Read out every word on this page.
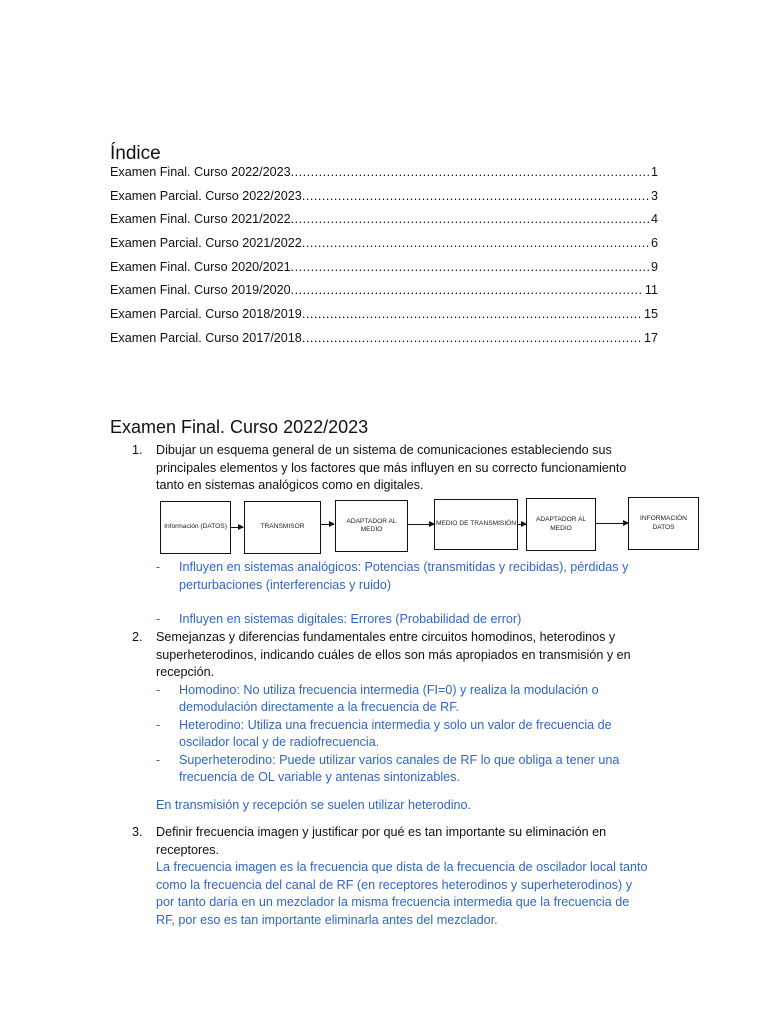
Índice
Examen Final. Curso 2022/2023 .....	1
Examen Parcial. Curso 2022/2023 .....	3
Examen Final. Curso 2021/2022 .....	4
Examen Parcial. Curso 2021/2022 .....	6
Examen Final. Curso 2020/2021 .....	9
Examen Final. Curso 2019/2020 .....	11
Examen Parcial. Curso 2018/2019 .....	15
Examen Parcial. Curso 2017/2018 .....	17
Examen Final. Curso 2022/2023
1. Dibujar un esquema general de un sistema de comunicaciones estableciendo sus principales elementos y los factores que más influyen en su correcto funcionamiento tanto en sistemas analógicos como en digitales.
Información (DATOS)	TRANSMISOR
ADAPTADOR AL MEDIO
MEDIO DE TRANSMISIÓN
ADAPTADOR AL MEDIO
INFORMACIÓN DATOS
- Influyen en sistemas analógicos: Potencias (transmitidas y recibidas), pérdidas y perturbaciones (interferencias y ruido)
- Influyen en sistemas digitales: Errores (Probabilidad de error)
2. Semejanzas y diferencias fundamentales entre circuitos homodinos, heterodinos y superheterodinos, indicando cuáles de ellos son más apropiados en transmisión y en recepción.
- Homodino: No utiliza frecuencia intermedia (FI=0) y realiza la modulación o demodulación directamente a la frecuencia de RF.
- Heterodino: Utiliza una frecuencia intermedia y solo un valor de frecuencia de oscilador local y de radiofrecuencia.
- Superheterodino: Puede utilizar varios canales de RF lo que obliga a tener una frecuencia de OL variable y antenas sintonizables.
En transmisión y recepción se suelen utilizar heterodino.
3. Definir frecuencia imagen y justificar por qué es tan importante su eliminación en receptores.
La frecuencia imagen es la frecuencia que dista de la frecuencia de oscilador local tanto como la frecuencia del canal de RF (en receptores heterodinos y superheterodinos) y por tanto daría en un mezclador la misma frecuencia intermedia que la frecuencia de RF, por eso es tan importante eliminarla antes del mezclador.
